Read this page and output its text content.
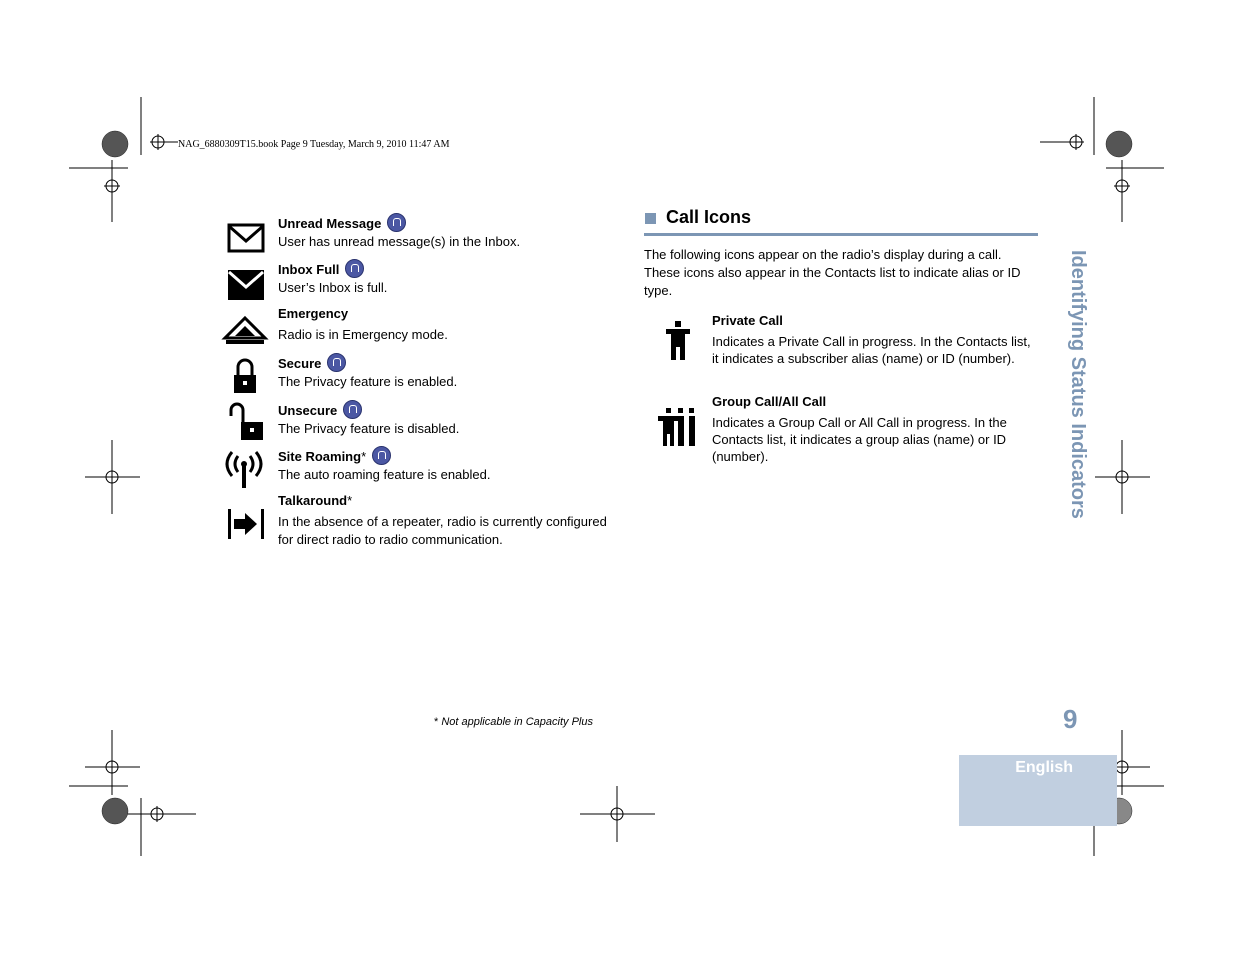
NAG_6880309T15.book Page 9 Tuesday, March 9, 2010 11:47 AM
Unread Message
User has unread message(s) in the Inbox.
Inbox Full
User’s Inbox is full.
Emergency
Radio is in Emergency mode.
Secure
The Privacy feature is enabled.
Unsecure
The Privacy feature is disabled.
Site Roaming*
The auto roaming feature is enabled.
Talkaround*
In the absence of a repeater, radio is currently configured for direct radio to radio communication.
Call Icons
The following icons appear on the radio’s display during a call. These icons also appear in the Contacts list to indicate alias or ID type.
Private Call
Indicates a Private Call in progress. In the Contacts list, it indicates a subscriber alias (name) or ID (number).
Group Call/All Call
Indicates a Group Call or All Call in progress. In the Contacts list, it indicates a group alias (name) or ID (number).
* Not applicable in Capacity Plus
Identifying Status Indicators
9
English
